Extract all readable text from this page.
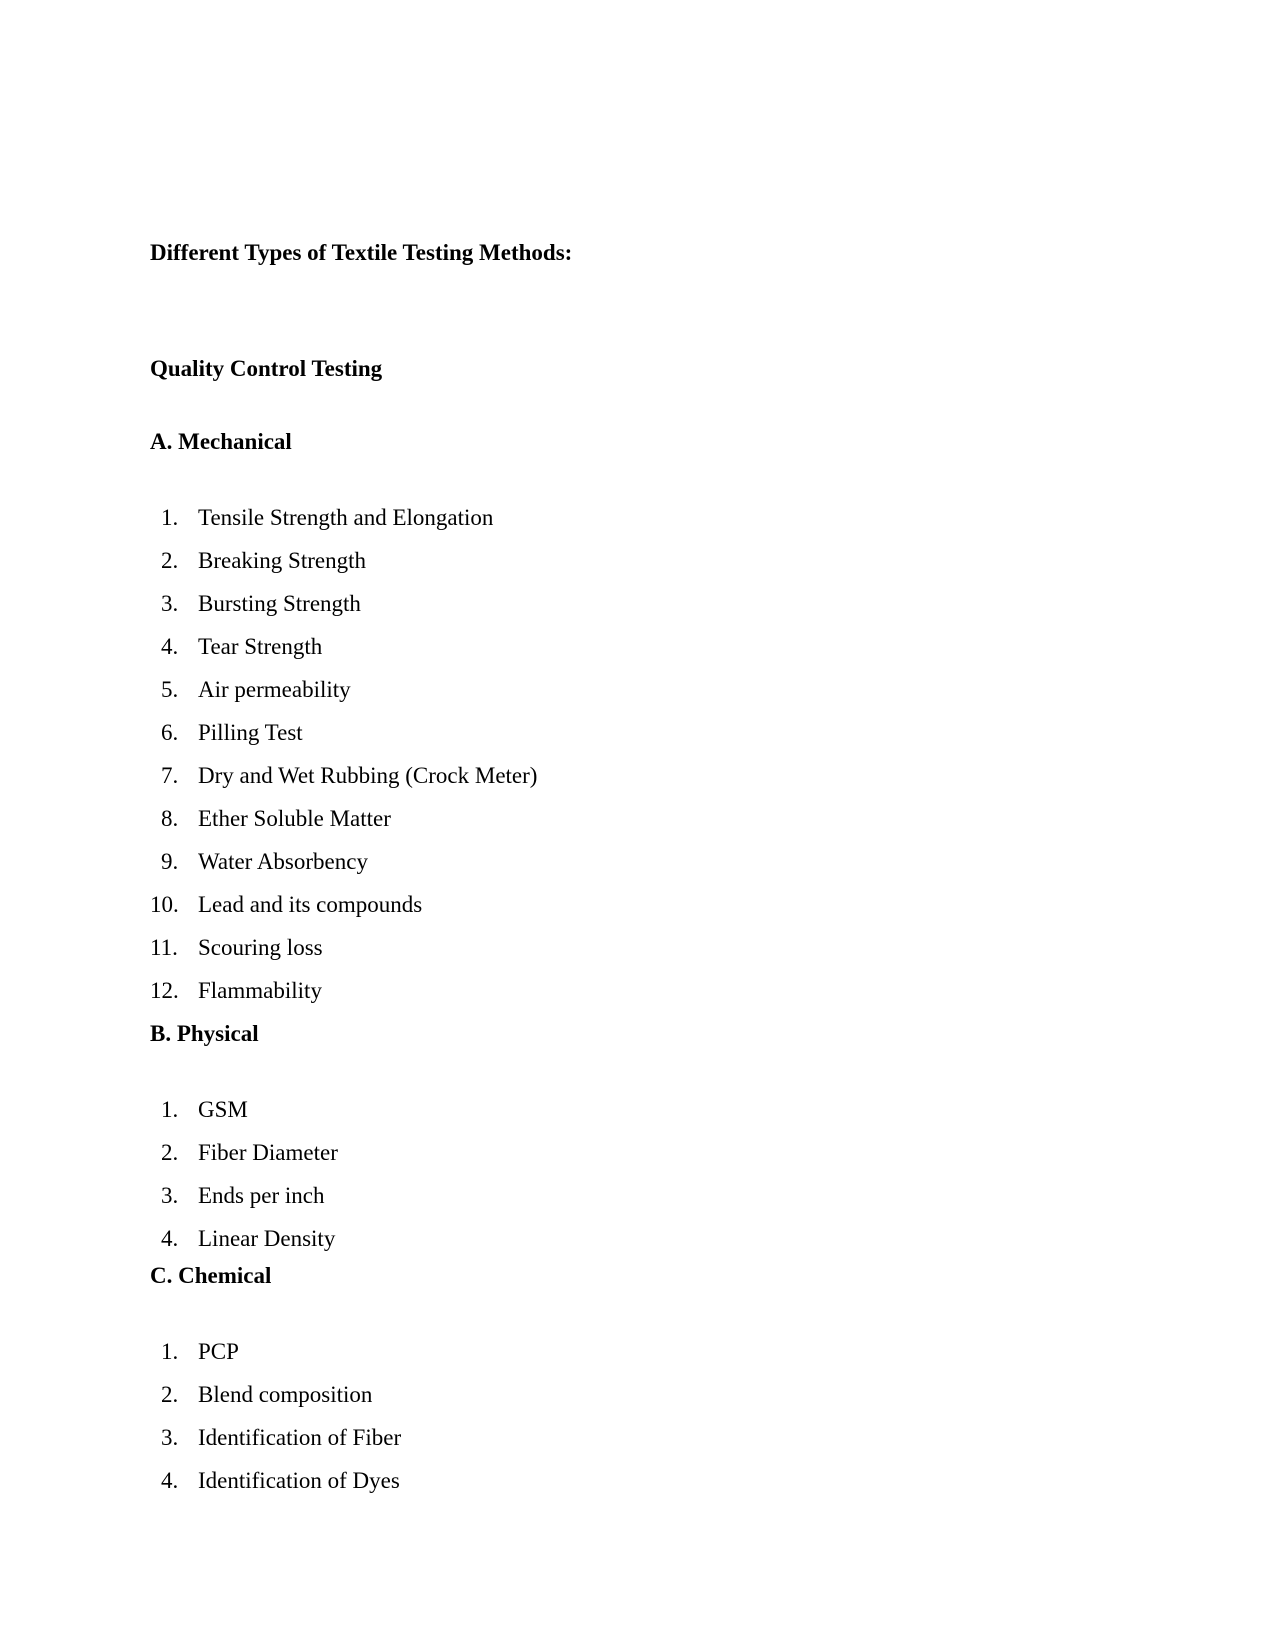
Different Types of Textile Testing Methods:
Quality Control Testing
A. Mechanical
1. Tensile Strength and Elongation
2. Breaking Strength
3. Bursting Strength
4. Tear Strength
5. Air permeability
6. Pilling Test
7. Dry and Wet Rubbing (Crock Meter)
8. Ether Soluble Matter
9. Water Absorbency
10. Lead and its compounds
11. Scouring loss
12. Flammability
B. Physical
1. GSM
2. Fiber Diameter
3. Ends per inch
4. Linear Density
C. Chemical
1. PCP
2. Blend composition
3. Identification of Fiber
4. Identification of Dyes
